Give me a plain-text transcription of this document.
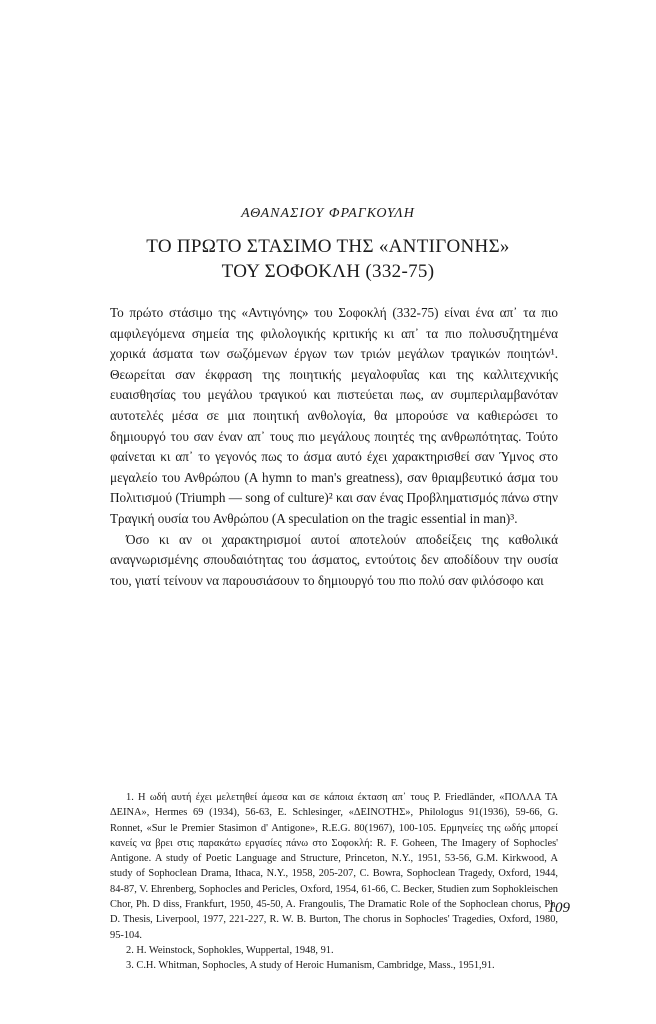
ΑΘΑΝΑΣΙΟΥ ΦΡΑΓΚΟΥΛΗ
ΤΟ ΠΡΩΤΟ ΣΤΑΣΙΜΟ ΤΗΣ «ΑΝΤΙΓΟΝΗΣ»
ΤΟΥ ΣΟΦΟΚΛΗ (332-75)

Το πρώτο στάσιμο της «Αντιγόνης» του Σοφοκλή (332-75) είναι ένα απ᾿ τα πιο αμφιλεγόμενα σημεία της φιλολογικής κριτικής κι απ᾿ τα πιο πολυσυζητημένα χορικά άσματα των σωζόμενων έργων των τριών μεγάλων τραγικών ποιητών¹. Θεωρείται σαν έκφραση της ποιητικής μεγαλοφυΐας και της καλλιτεχνικής ευαισθησίας του μεγάλου τραγικού και πιστεύεται πως, αν συμπεριλαμβανόταν αυτοτελές μέσα σε μια ποιητική ανθολογία, θα μπορούσε να καθιερώσει το δημιουργό του σαν έναν απ᾿ τους πιο μεγάλους ποιητές της ανθρωπότητας. Τούτο φαίνεται κι απ᾿ το γεγονός πως το άσμα αυτό έχει χαρακτηρισθεί σαν Ύμνος στο μεγαλείο του Ανθρώπου (A hymn to man's greatness), σαν θριαμβευτικό άσμα του Πολιτισμού (Triumph — song of culture)² και σαν ένας Προβληματισμός πάνω στην Τραγική ουσία του Ανθρώπου (A speculation on the tragic essential in man)³.

Όσο κι αν οι χαρακτηρισμοί αυτοί αποτελούν αποδείξεις της καθολικά αναγνωρισμένης σπουδαιότητας του άσματος, εντούτοις δεν αποδίδουν την ουσία του, γιατί τείνουν να παρουσιάσουν το δημιουργό του πιο πολύ σαν φιλόσοφο και

1. Η ωδή αυτή έχει μελετηθεί άμεσα και σε κάποια έκταση απ᾿ τους P. Friedländer, «ΠΟΛΛΑ ΤΑ ΔΕΙΝΑ», Hermes 69 (1934), 56-63, E. Schlesinger, «ΔΕΙΝΟΤΗΣ», Philologus 91(1936), 59-66, G. Ronnet, «Sur le Premier Stasimon d' Antigone», R.E.G. 80(1967), 100-105. Ερμηνείες της ωδής μπορεί κανείς να βρει στις παρακάτω εργασίες πάνω στο Σοφοκλή: R. F. Goheen, The Imagery of Sophocles' Antigone. A study of Poetic Language and Structure, Princeton, N.Y., 1951, 53-56, G.M. Kirkwood, A study of Sophoclean Drama, Ithaca, N.Y., 1958, 205-207, C. Bowra, Sophoclean Tragedy, Oxford, 1944, 84-87, V. Ehrenberg, Sophocles and Pericles, Oxford, 1954, 61-66, C. Becker, Studien zum Sophokleischen Chor, Ph. D diss, Frankfurt, 1950, 45-50, A. Frangoulis, The Dramatic Role of the Sophoclean chorus, Ph. D. Thesis, Liverpool, 1977, 221-227, R. W. B. Burton, The chorus in Sophocles' Tragedies, Oxford, 1980, 95-104.

2. H. Weinstock, Sophokles, Wuppertal, 1948, 91.

3. C.H. Whitman, Sophocles, A study of Heroic Humanism, Cambridge, Mass., 1951,91.

109
